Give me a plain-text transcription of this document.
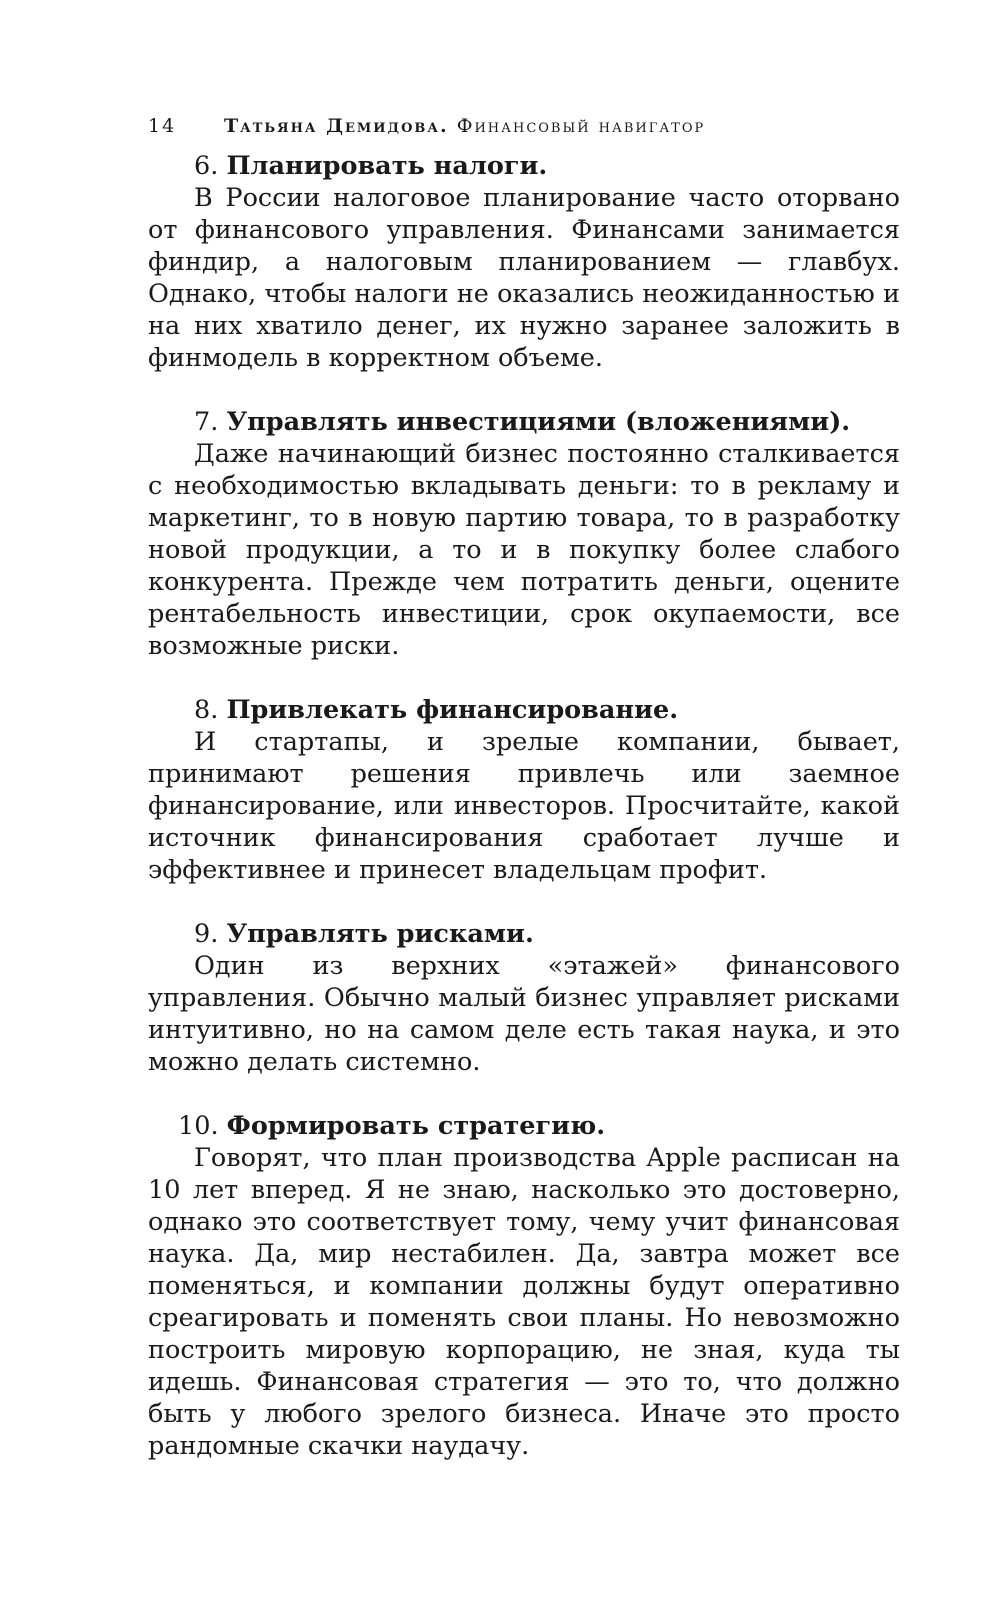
14	Татьяна Демидова. Финансовый навигатор

6. Планировать налоги.

В России налоговое планирование часто оторвано от финансового управления. Финансами занимается финдир, а налоговым планированием — главбух. Однако, чтобы налоги не оказались неожиданностью и на них хватило денег, их нужно заранее заложить в финмодель в корректном объеме.

7. Управлять инвестициями (вложениями).

Даже начинающий бизнес постоянно сталкивается с необходимостью вкладывать деньги: то в рекламу и маркетинг, то в новую партию товара, то в разработку новой продукции, а то и в покупку более слабого конкурента. Прежде чем потратить деньги, оцените рентабельность инвестиции, срок окупаемости, все возможные риски.

8. Привлекать финансирование.

И стартапы, и зрелые компании, бывает, принимают решения привлечь или заемное финансирование, или инвесторов. Просчитайте, какой источник финансирования сработает лучше и эффективнее и принесет владельцам профит.

9. Управлять рисками.

Один из верхних «этажей» финансового управления. Обычно малый бизнес управляет рисками интуитивно, но на самом деле есть такая наука, и это можно делать системно.

10. Формировать стратегию.

Говорят, что план производства Apple расписан на 10 лет вперед. Я не знаю, насколько это достоверно, однако это соответствует тому, чему учит финансовая наука. Да, мир нестабилен. Да, завтра может все поменяться, и компании должны будут оперативно среагировать и поменять свои планы. Но невозможно построить мировую корпорацию, не зная, куда ты идешь. Финансовая стратегия — это то, что должно быть у любого зрелого бизнеса. Иначе это просто рандомные скачки наудачу.
